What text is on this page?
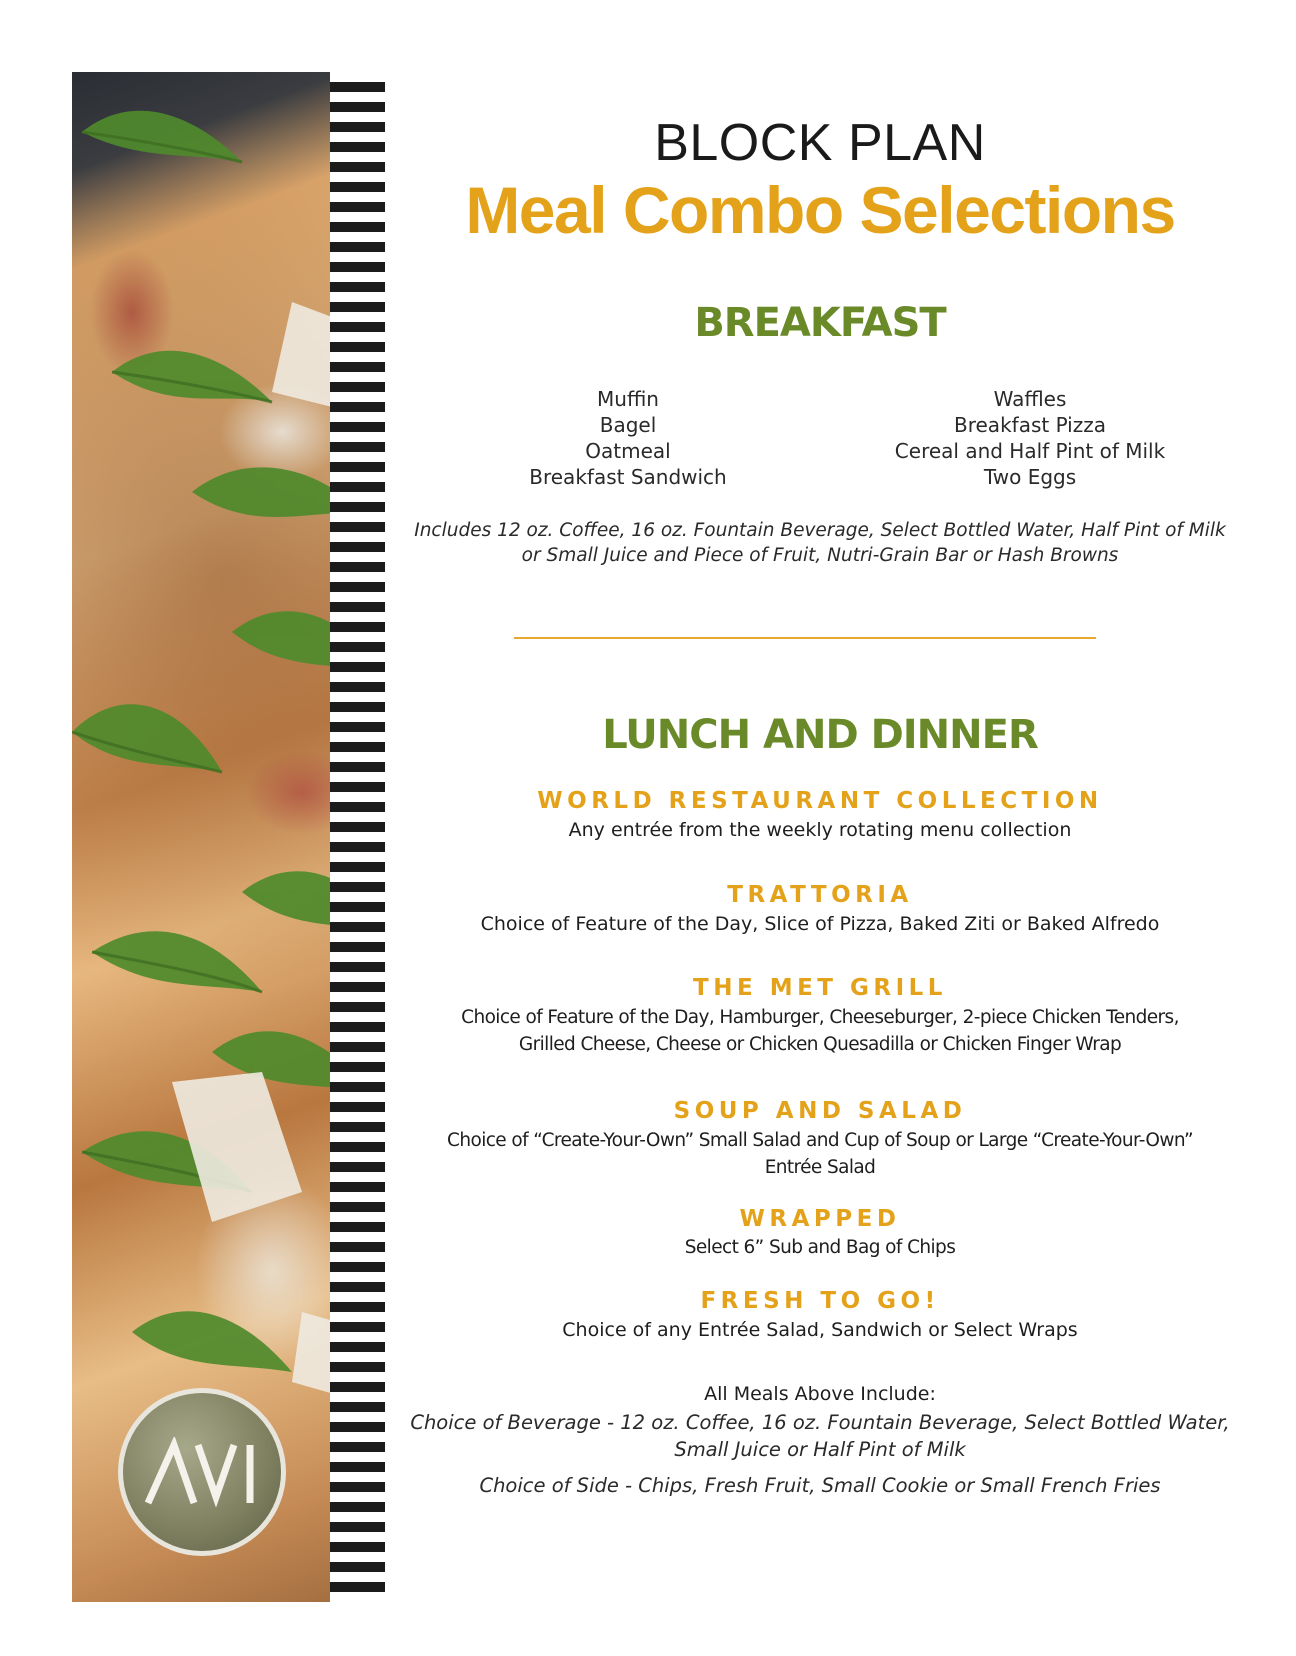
BLOCK PLAN
Meal Combo Selections
BREAKFAST
Muffin
Bagel
Oatmeal
Breakfast Sandwich
Waffles
Breakfast Pizza
Cereal and Half Pint of Milk
Two Eggs
Includes 12 oz. Coffee, 16 oz. Fountain Beverage, Select Bottled Water, Half Pint of Milk
or Small Juice and Piece of Fruit, Nutri-Grain Bar or Hash Browns
LUNCH AND DINNER
WORLD RESTAURANT COLLECTION
Any entrée from the weekly rotating menu collection
TRATTORIA
Choice of Feature of the Day, Slice of Pizza, Baked Ziti or Baked Alfredo
THE MET GRILL
Choice of Feature of the Day, Hamburger, Cheeseburger, 2-piece Chicken Tenders,
Grilled Cheese, Cheese or Chicken Quesadilla or Chicken Finger Wrap
SOUP AND SALAD
Choice of “Create-Your-Own” Small Salad and Cup of Soup or Large “Create-Your-Own”
Entrée Salad
WRAPPED
Select 6” Sub and Bag of Chips
FRESH TO GO!
Choice of any Entrée Salad, Sandwich or Select Wraps
All Meals Above Include:
Choice of Beverage - 12 oz. Coffee, 16 oz. Fountain Beverage, Select Bottled Water,
Small Juice or Half Pint of Milk
Choice of Side - Chips, Fresh Fruit, Small Cookie or Small French Fries
